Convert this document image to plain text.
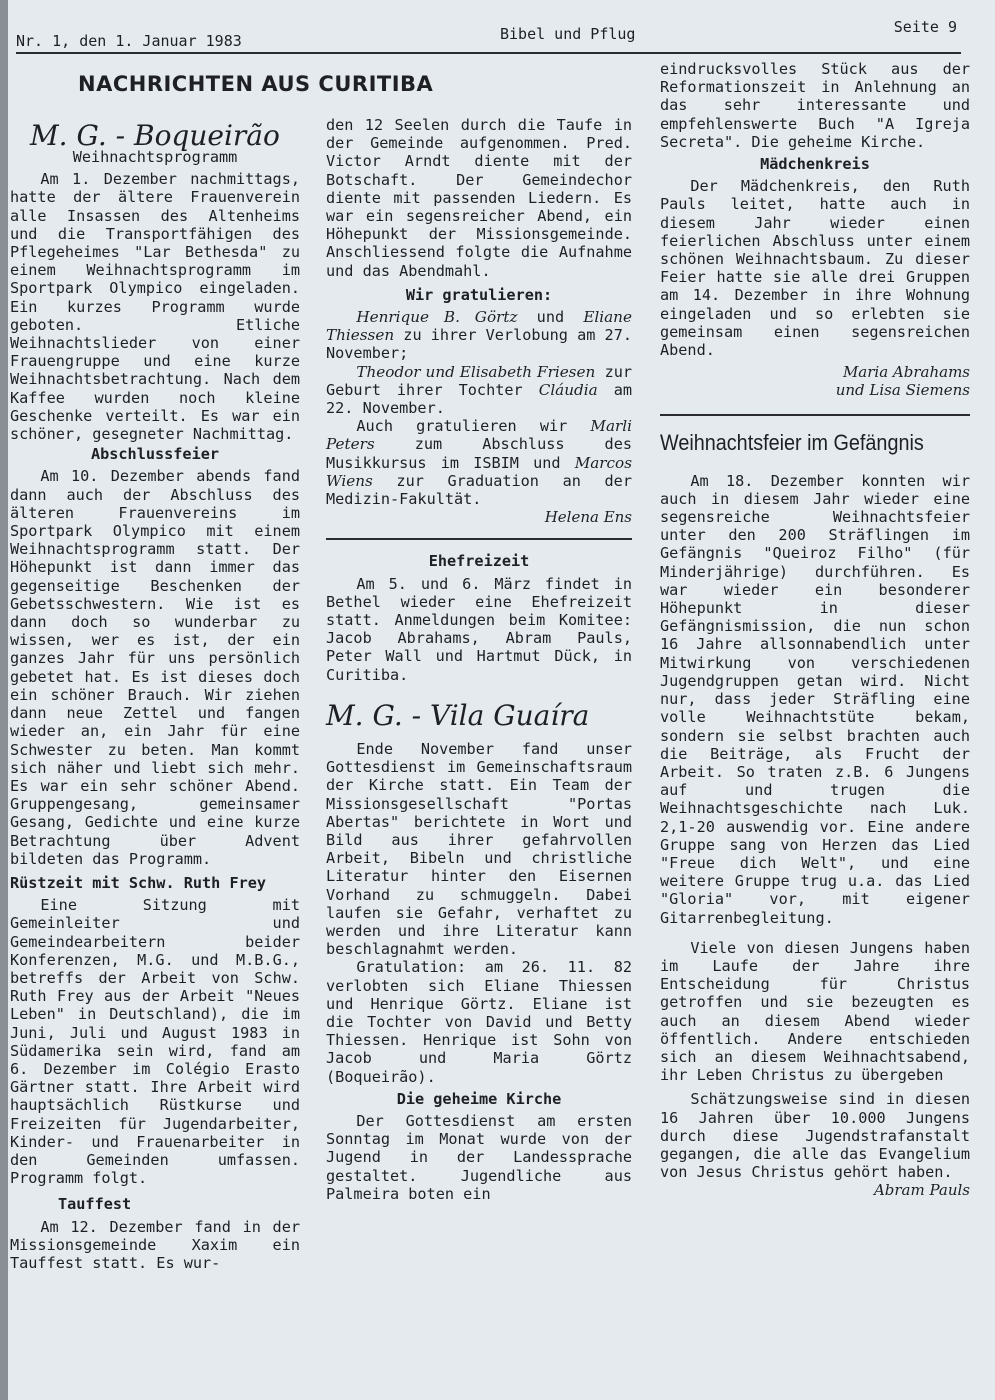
Nr. 1, den 1. Januar 1983	Bibel und Pflug	Seite 9
NACHRICHTEN AUS CURITIBA
M. G. - Boqueirão
Weihnachtsprogramm

Am 1. Dezember nachmittags, hatte der ältere Frauenverein alle Insassen des Altenheims und die Transportfähigen des Pflegeheimes "Lar Bethesda" zu einem Weihnachtsprogramm im Sportpark Olympico eingeladen. Ein kurzes Programm wurde geboten. Etliche Weihnachtslieder von einer Frauengruppe und eine kurze Weihnachtsbetrachtung. Nach dem Kaffee wurden noch kleine Geschenke verteilt. Es war ein schöner, gesegneter Nachmittag.

Abschlussfeier

Am 10. Dezember abends fand dann auch der Abschluss des älteren Frauenvereins im Sportpark Olympico mit einem Weihnachtsprogramm statt. Der Höhepunkt ist dann immer das gegenseitige Beschenken der Gebetsschwestern. Wie ist es dann doch so wunderbar zu wissen, wer es ist, der ein ganzes Jahr für uns persönlich gebetet hat. Es ist dieses doch ein schöner Brauch. Wir ziehen dann neue Zettel und fangen wieder an, ein Jahr für eine Schwester zu beten. Man kommt sich näher und liebt sich mehr. Es war ein sehr schöner Abend. Gruppengesang, gemeinsamer Gesang, Gedichte und eine kurze Betrachtung über Advent bildeten das Programm.

Rüstzeit mit Schw. Ruth Frey

Eine Sitzung mit Gemeinleiter und Gemeindearbeitern beider Konferenzen, M.G. und M.B.G., betreffs der Arbeit von Schw. Ruth Frey aus der Arbeit "Neues Leben" in Deutschland), die im Juni, Juli und August 1983 in Südamerika sein wird, fand am 6. Dezember im Colégio Erasto Gärtner statt. Ihre Arbeit wird hauptsächlich Rüstkurse und Freizeiten für Jugendarbeiter, Kinder- und Frauenarbeiter in den Gemeinden umfassen. Programm folgt.

Tauffest

Am 12. Dezember fand in der Missionsgemeinde Xaxim ein Tauffest statt. Es wur-

den 12 Seelen durch die Taufe in der Gemeinde aufgenommen. Pred. Victor Arndt diente mit der Botschaft. Der Gemeindechor diente mit passenden Liedern. Es war ein segensreicher Abend, ein Höhepunkt der Missionsgemeinde. Anschliessend folgte die Aufnahme und das Abendmahl.

Wir gratulieren:

Henrique B. Görtz und Eliane Thiessen zu ihrer Verlobung am 27. November;

Theodor und Elisabeth Friesen zur Geburt ihrer Tochter Cláudia am 22. November.

Auch gratulieren wir Marli Peters	zum Abschluss des Musikkursus im ISBIM und Marcos Wiens zur Graduation an der Medizin-Fakultät.

Helena Ens
Ehefreizeit

Am 5. und 6. März findet in Bethel wieder eine Ehefreizeit statt. Anmeldungen beim Komitee: Jacob Abrahams, Abram Pauls, Peter Wall und Hartmut Dück, in Curitiba.

M. G. - Vila Guaíra

Ende November fand unser Gottesdienst im Gemeinschaftsraum der Kirche statt. Ein Team der Missionsgesellschaft "Portas Abertas" berichtete in Wort und Bild aus ihrer gefahrvollen Arbeit, Bibeln und christliche Literatur hinter den Eisernen Vorhand zu schmuggeln. Dabei laufen sie Gefahr, verhaftet zu werden und ihre Literatur kann beschlagnahmt werden.

Gratulation: am 26. 11. 82 verlobten sich Eliane Thiessen und Henrique Görtz. Eliane ist die Tochter von David und Betty Thiessen. Henrique ist Sohn von Jacob und Maria Görtz (Boqueirão).

Die geheime Kirche

Der Gottesdienst am ersten Sonntag im Monat wurde von der Jugend in der Landessprache gestaltet. Jugendliche aus Palmeira boten ein

eindrucksvolles Stück aus der Reformationszeit in Anlehnung an das sehr interessante und empfehlenswerte Buch "A Igreja Secreta". Die geheime Kirche.

Mädchenkreis

Der Mädchenkreis, den Ruth Pauls leitet, hatte auch in diesem Jahr wieder einen feierlichen Abschluss unter einem schönen Weihnachtsbaum. Zu dieser Feier hatte sie alle drei Gruppen am 14. Dezember in ihre Wohnung eingeladen und so erlebten sie gemeinsam einen segensreichen Abend.

Maria Abrahams
und Lisa Siemens
Weihnachtsfeier im Gefängnis

Am 18. Dezember konnten wir auch in diesem Jahr wieder eine segensreiche Weihnachtsfeier unter den 200 Sträflingen im Gefängnis "Queiroz Filho" (für Minderjährige) durchführen. Es war wieder ein besonderer Höhepunkt in dieser Gefängnismission, die nun schon 16 Jahre allsonnabendlich unter Mitwirkung von verschiedenen Jugendgruppen getan wird. Nicht nur, dass jeder Sträfling eine volle Weihnachtstüte bekam, sondern sie selbst brachten auch die Beiträge, als Frucht der Arbeit. So traten z.B. 6 Jungens auf und trugen die Weihnachtsgeschichte nach Luk. 2,1-20 auswendig vor. Eine andere Gruppe sang von Herzen das Lied "Freue dich Welt", und eine weitere Gruppe trug u.a. das Lied "Gloria" vor, mit eigener Gitarrenbegleitung.

Viele von diesen Jungens haben im Laufe der Jahre ihre Entscheidung für Christus getroffen und sie bezeugten es auch an diesem Abend wieder öffentlich. Andere entschieden sich an diesem Weihnachtsabend, ihr Leben Christus zu übergeben

Schätzungsweise sind in diesen 16 Jahren über 10.000 Jungens durch diese Jugendstrafanstalt gegangen, die alle das Evangelium von Jesus Christus gehört haben.

Abram Pauls
